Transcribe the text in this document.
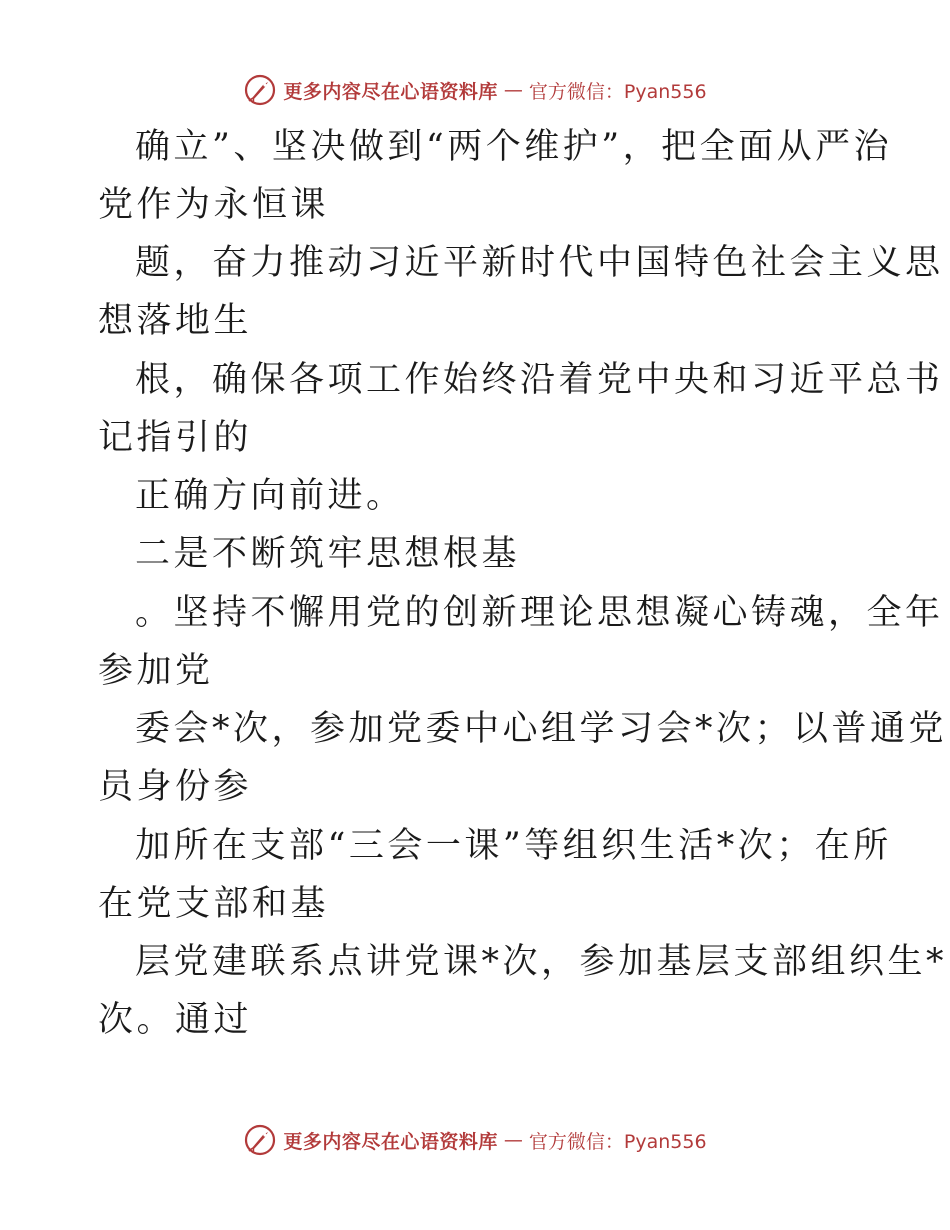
更多内容尽在心语资料库 — 官方微信：Pyan556
确立”、坚决做到“两个维护”，把全面从严治
党作为永恒课
题，奋力推动习近平新时代中国特色社会主义思
想落地生
根，确保各项工作始终沿着党中央和习近平总书
记指引的
正确方向前进。
二是不断筑牢思想根基
。坚持不懈用党的创新理论思想凝心铸魂，全年
参加党
委会*次，参加党委中心组学习会*次；以普通党
员身份参
加所在支部“三会一课”等组织生活*次；在所
在党支部和基
层党建联系点讲党课*次，参加基层支部组织生*
次。通过
更多内容尽在心语资料库 — 官方微信：Pyan556
